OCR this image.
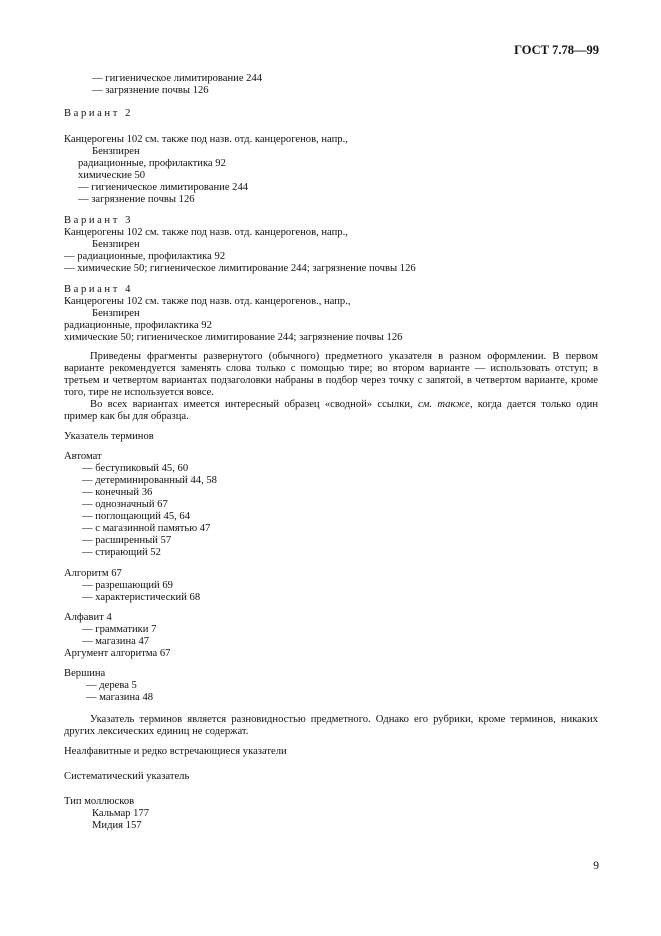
ГОСТ 7.78—99
— гигиеническое лимитирование 244
— загрязнение почвы 126
Вариант 2
Канцерогены 102 см. также под назв. отд. канцерогенов, напр.,
Бензпирен
радиационные, профилактика 92
химические 50
— гигиеническое лимитирование 244
— загрязнение почвы 126
Вариант 3
Канцерогены 102 см. также под назв. отд. канцерогенов, напр.,
Бензпирен
— радиационные, профилактика 92
— химические 50; гигиеническое лимитирование 244; загрязнение почвы 126
Вариант 4
Канцерогены 102 см. также под назв. отд. канцерогенов., напр.,
Бензпирен
радиационные, профилактика 92
химические 50; гигиеническое лимитирование 244; загрязнение почвы 126
Приведены фрагменты развернутого (обычного) предметного указателя в разном оформлении. В первом варианте рекомендуется заменять слова только с помощью тире; во втором варианте — использовать отступ; в третьем и четвертом вариантах подзаголовки набраны в подбор через точку с запятой, в четвертом варианте, кроме того, тире не используется вовсе.
Во всех вариантах имеется интересный образец «сводной» ссылки, см. также, когда дается только один пример как бы для образца.
Указатель терминов
Автомат
— беступиковый 45, 60
— детерминированный 44, 58
— конечный 36
— однозначный 67
— поглощающий 45, 64
— с магазинной памятью 47
— расширенный 57
— стирающий 52
Алгоритм 67
— разрешающий 69
— характеристический 68
Алфавит 4
— грамматики 7
— магазина 47
Аргумент алгоритма 67
Вершина
— дерева 5
— магазина 48
Указатель терминов является разновидностью предметного. Однако его рубрики, кроме терминов, никаких других лексических единиц не содержат.
Неалфавитные и редко встречающиеся указатели
Систематический указатель
Тип моллюсков
Кальмар 177
Мидия 157
9
